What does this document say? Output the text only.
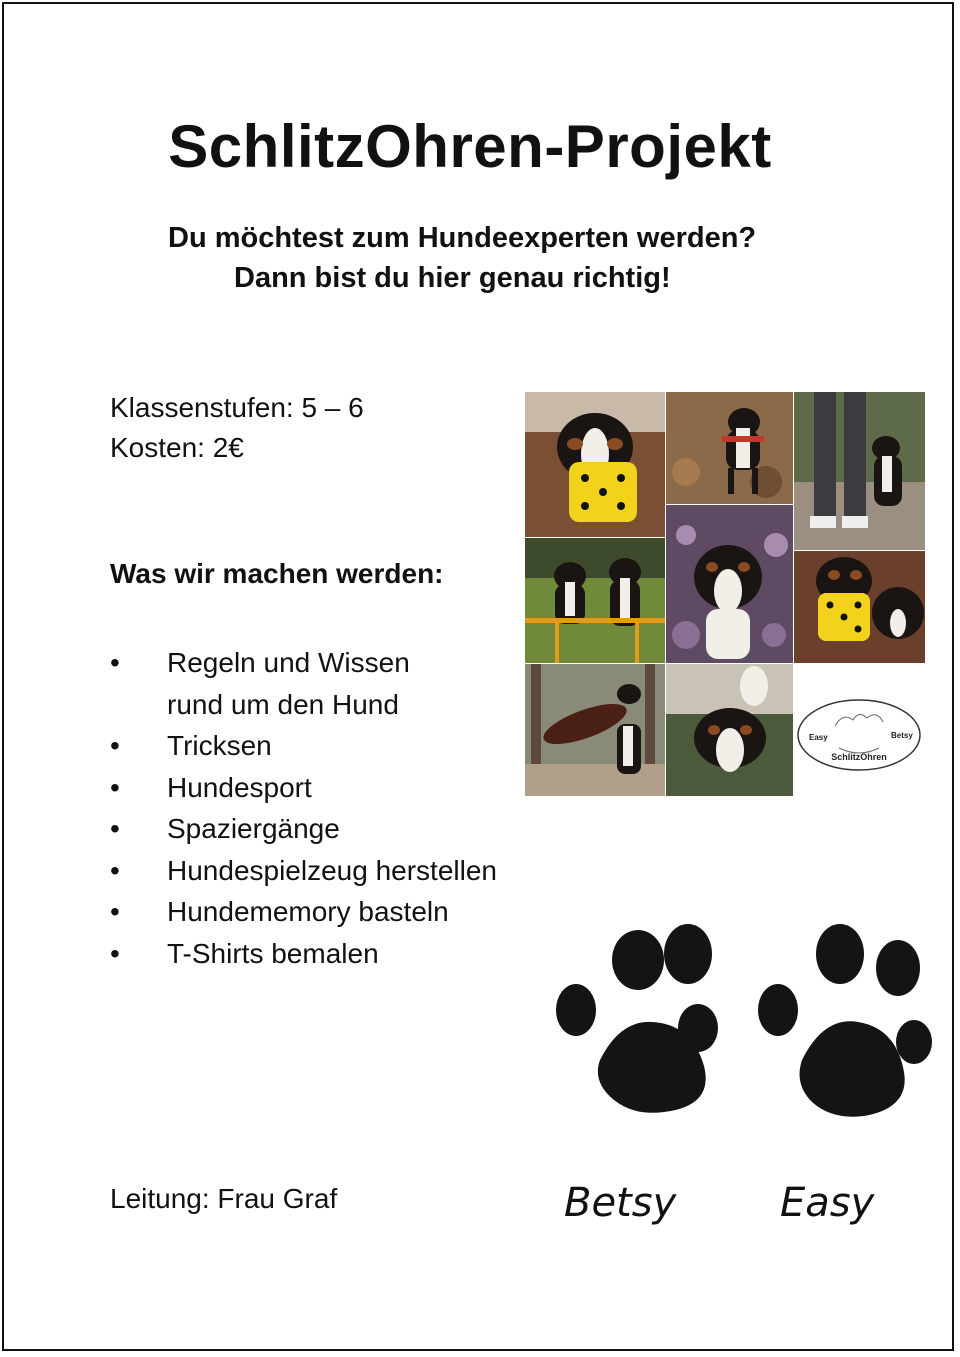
SchlitzOhren-Projekt
Du möchtest zum Hundeexperten werden?
Dann bist du hier genau richtig!
Klassenstufen: 5 – 6
Kosten: 2€
Was wir machen werden:
• Regeln und Wissen
rund um den Hund
• Tricksen
• Hundesport
• Spaziergänge
• Hundespielzeug herstellen
• Hundememory basteln
• T-Shirts bemalen
Leitung: Frau Graf
Easy	Betsy
SchlitzOhren
Betsy	Easy
